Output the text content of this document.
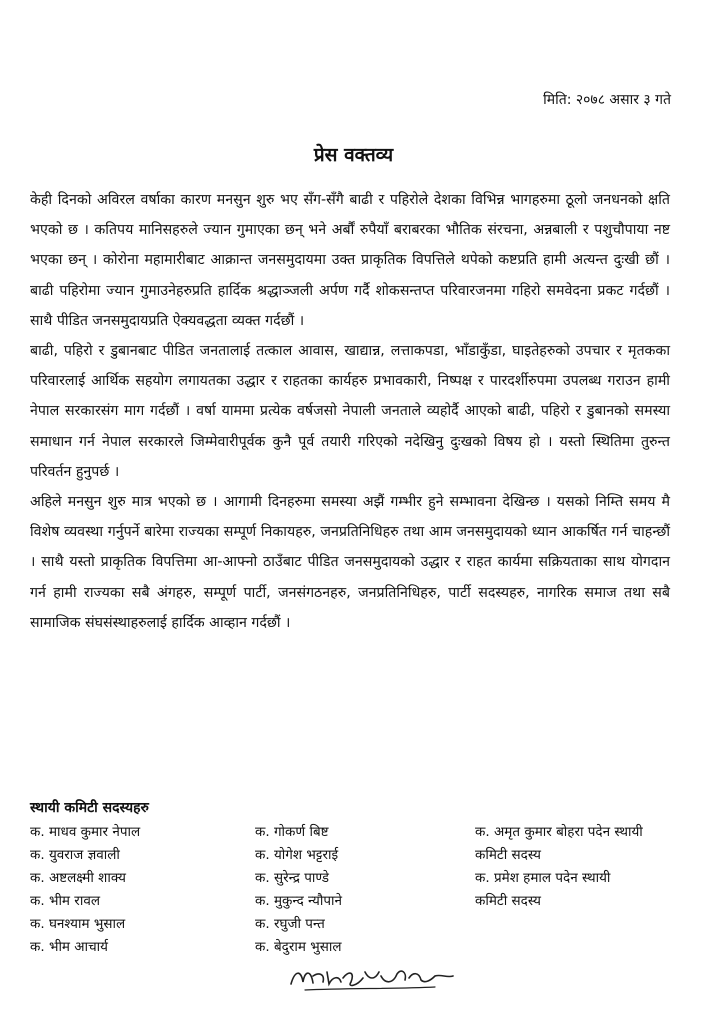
मिति: २०७८ असार ३ गते
प्रेस वक्तव्य

केही दिनको अविरल वर्षाका कारण मनसुन शुरु भए सँग-सँगै बाढी र पहिरोले देशका विभिन्न भागहरुमा ठूलो जनधनको क्षति भएको छ । कतिपय मानिसहरुले ज्यान गुमाएका छन् भने अर्बौं रुपैयाँ बराबरका भौतिक संरचना, अन्नबाली र पशुचौपाया नष्ट भएका छन् । कोरोना महामारीबाट आक्रान्त जनसमुदायमा उक्त प्राकृतिक विपत्तिले थपेको कष्टप्रति हामी अत्यन्त दुःखी छौं । बाढी पहिरोमा ज्यान गुमाउनेहरुप्रति हार्दिक श्रद्धाञ्जली अर्पण गर्दै शोकसन्तप्त परिवारजनमा गहिरो समवेदना प्रकट गर्दछौं । साथै पीडित जनसमुदायप्रति ऐक्यवद्धता व्यक्त गर्दछौं ।

बाढी, पहिरो र डुबानबाट पीडित जनतालाई तत्काल आवास, खाद्यान्न, लत्ताकपडा, भाँडाकुँडा, घाइतेहरुको उपचार र मृतकका परिवारलाई आर्थिक सहयोग लगायतका उद्धार र राहतका कार्यहरु प्रभावकारी, निष्पक्ष र पारदर्शीरुपमा उपलब्ध गराउन हामी नेपाल सरकारसंग माग गर्दछौं । वर्षा याममा प्रत्येक वर्षजसो नेपाली जनताले व्यहोर्दै आएको बाढी, पहिरो र डुबानको समस्या समाधान गर्न नेपाल सरकारले जिम्मेवारीपूर्वक कुनै पूर्व तयारी गरिएको नदेखिनु दुःखको विषय हो । यस्तो स्थितिमा तुरुन्त परिवर्तन हुनुपर्छ ।

अहिले मनसुन शुरु मात्र भएको छ । आगामी दिनहरुमा समस्या अझैं गम्भीर हुने सम्भावना देखिन्छ । यसको निम्ति समय मै विशेष व्यवस्था गर्नुपर्ने बारेमा राज्यका सम्पूर्ण निकायहरु, जनप्रतिनिधिहरु तथा आम जनसमुदायको ध्यान आकर्षित गर्न चाहन्छौं । साथै यस्तो प्राकृतिक विपत्तिमा आ-आफ्नो ठाउँबाट पीडित जनसमुदायको उद्धार र राहत कार्यमा सक्रियताका साथ योगदान गर्न हामी राज्यका सबै अंगहरु, सम्पूर्ण पार्टी, जनसंगठनहरु, जनप्रतिनिधिहरु, पार्टी सदस्यहरु, नागरिक समाज तथा सबै सामाजिक संघसंस्थाहरुलाई हार्दिक आव्हान गर्दछौं ।

स्थायी कमिटी सदस्यहरु
क. माधव कुमार नेपाल
क. युवराज ज्ञवाली
क. अष्टलक्ष्मी शाक्य
क. भीम रावल
क. घनश्याम भुसाल
क. भीम आचार्य
क. गोकर्ण बिष्ट
क. योगेश भट्टराई
क. सुरेन्द्र पाण्डे
क. मुकुन्द न्यौपाने
क. रघुजी पन्त
क. बेदुराम भुसाल
क. अमृत कुमार बोहरा पदेन स्थायी
कमिटी सदस्य
क. प्रमेश हमाल पदेन स्थायी
कमिटी सदस्य
